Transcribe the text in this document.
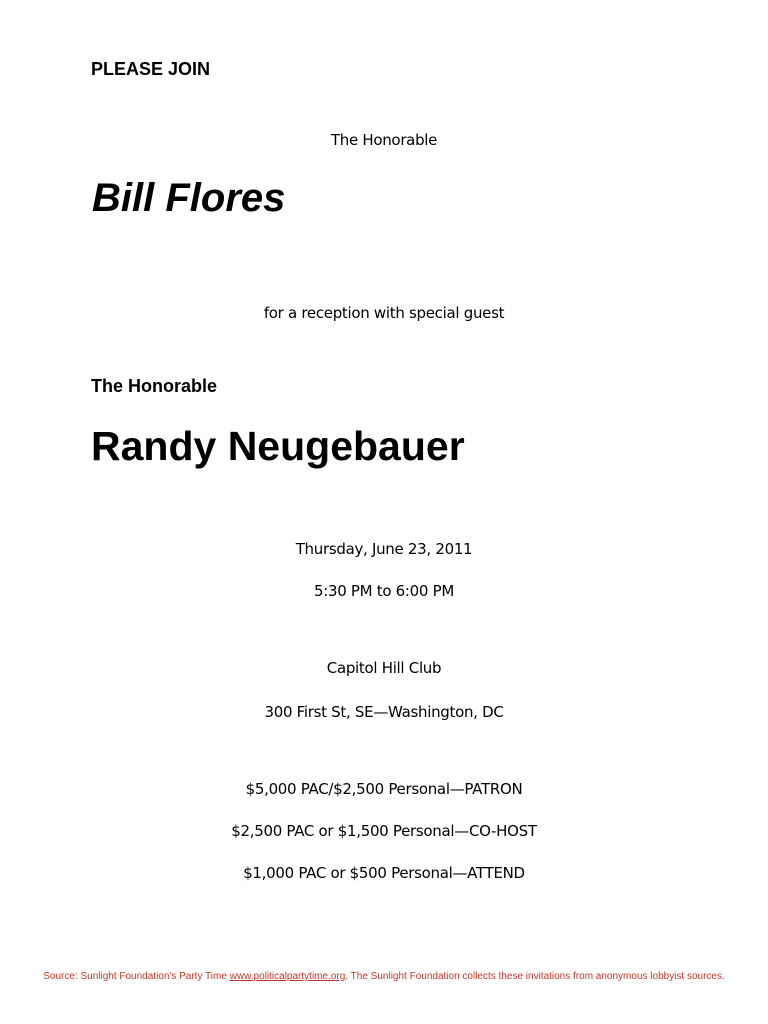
PLEASE JOIN
The Honorable
Bill Flores
for a reception with special guest
The Honorable
Randy Neugebauer
Thursday, June 23, 2011
5:30 PM to 6:00 PM
Capitol Hill Club
300 First St, SE—Washington, DC
$5,000 PAC/$2,500 Personal—PATRON
$2,500 PAC or $1,500 Personal—CO-HOST
$1,000 PAC or $500 Personal—ATTEND
Source: Sunlight Foundation's Party Time www.politicalpartytime.org. The Sunlight Foundation collects these invitations from anonymous lobbyist sources.
